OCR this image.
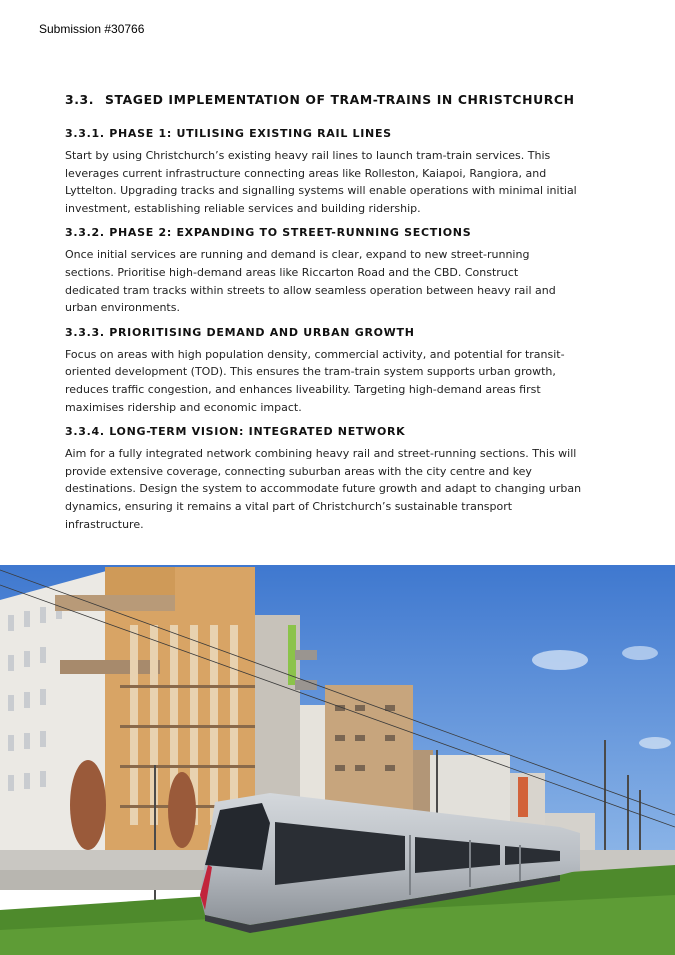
Submission #30766
3.3. STAGED IMPLEMENTATION OF TRAM-TRAINS IN CHRISTCHURCH
3.3.1. PHASE 1: UTILISING EXISTING RAIL LINES
Start by using Christchurch’s existing heavy rail lines to launch tram-train services. This
leverages current infrastructure connecting areas like Rolleston, Kaiapoi, Rangiora, and
Lyttelton. Upgrading tracks and signalling systems will enable operations with minimal initial
investment, establishing reliable services and building ridership.
3.3.2. PHASE 2: EXPANDING TO STREET-RUNNING SECTIONS
Once initial services are running and demand is clear, expand to new street-running
sections. Prioritise high-demand areas like Riccarton Road and the CBD. Construct
dedicated tram tracks within streets to allow seamless operation between heavy rail and
urban environments.
3.3.3. PRIORITISING DEMAND AND URBAN GROWTH
Focus on areas with high population density, commercial activity, and potential for transit-
oriented development (TOD). This ensures the tram-train system supports urban growth,
reduces traffic congestion, and enhances liveability. Targeting high-demand areas first
maximises ridership and economic impact.
3.3.4. LONG-TERM VISION: INTEGRATED NETWORK
Aim for a fully integrated network combining heavy rail and street-running sections. This will
provide extensive coverage, connecting suburban areas with the city centre and key
destinations. Design the system to accommodate future growth and adapt to changing urban
dynamics, ensuring it remains a vital part of Christchurch’s sustainable transport
infrastructure.
